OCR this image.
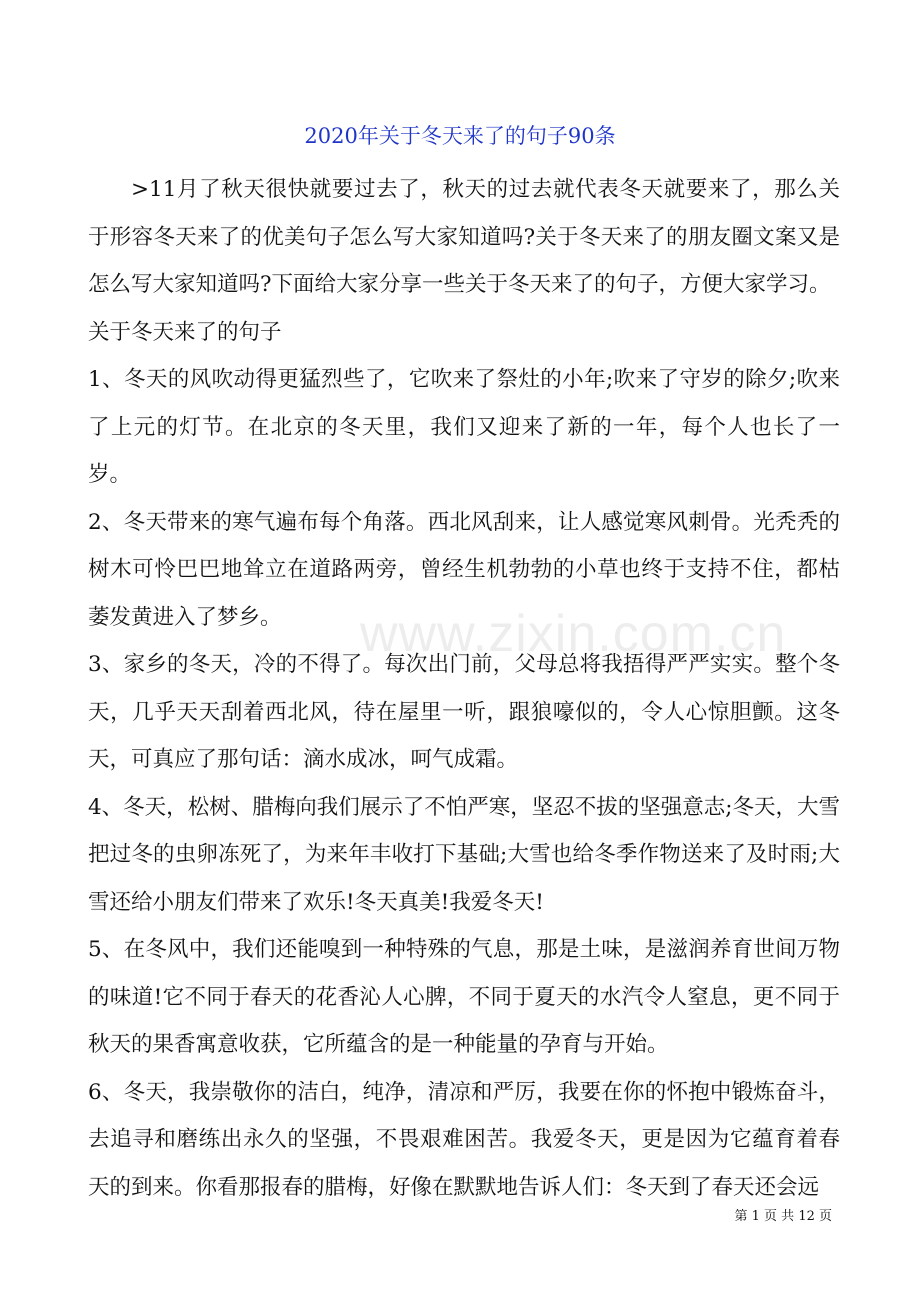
2020年关于冬天来了的句子90条

>11月了秋天很快就要过去了，秋天的过去就代表冬天就要来了，那么关于形容冬天来了的优美句子怎么写大家知道吗?关于冬天来了的朋友圈文案又是怎么写大家知道吗?下面给大家分享一些关于冬天来了的句子，方便大家学习。

关于冬天来了的句子

1、冬天的风吹动得更猛烈些了，它吹来了祭灶的小年;吹来了守岁的除夕;吹来了上元的灯节。在北京的冬天里，我们又迎来了新的一年，每个人也长了一岁。

2、冬天带来的寒气遍布每个角落。西北风刮来，让人感觉寒风刺骨。光秃秃的树木可怜巴巴地耸立在道路两旁，曾经生机勃勃的小草也终于支持不住，都枯萎发黄进入了梦乡。

3、家乡的冬天，冷的不得了。每次出门前，父母总将我捂得严严实实。整个冬天，几乎天天刮着西北风，待在屋里一听，跟狼嚎似的，令人心惊胆颤。这冬天，可真应了那句话：滴水成冰，呵气成霜。

4、冬天，松树、腊梅向我们展示了不怕严寒，坚忍不拔的坚强意志;冬天，大雪把过冬的虫卵冻死了，为来年丰收打下基础;大雪也给冬季作物送来了及时雨;大雪还给小朋友们带来了欢乐!冬天真美!我爱冬天!

5、在冬风中，我们还能嗅到一种特殊的气息，那是土味，是滋润养育世间万物的味道!它不同于春天的花香沁人心脾，不同于夏天的水汽令人窒息，更不同于秋天的果香寓意收获，它所蕴含的是一种能量的孕育与开始。

6、冬天，我崇敬你的洁白，纯净，清凉和严厉，我要在你的怀抱中锻炼奋斗，去追寻和磨练出永久的坚强，不畏艰难困苦。我爱冬天，更是因为它蕴育着春天的到来。你看那报春的腊梅，好像在默默地告诉人们：冬天到了春天还会远

www.zixin.com.cn
第 1 页 共 12 页
